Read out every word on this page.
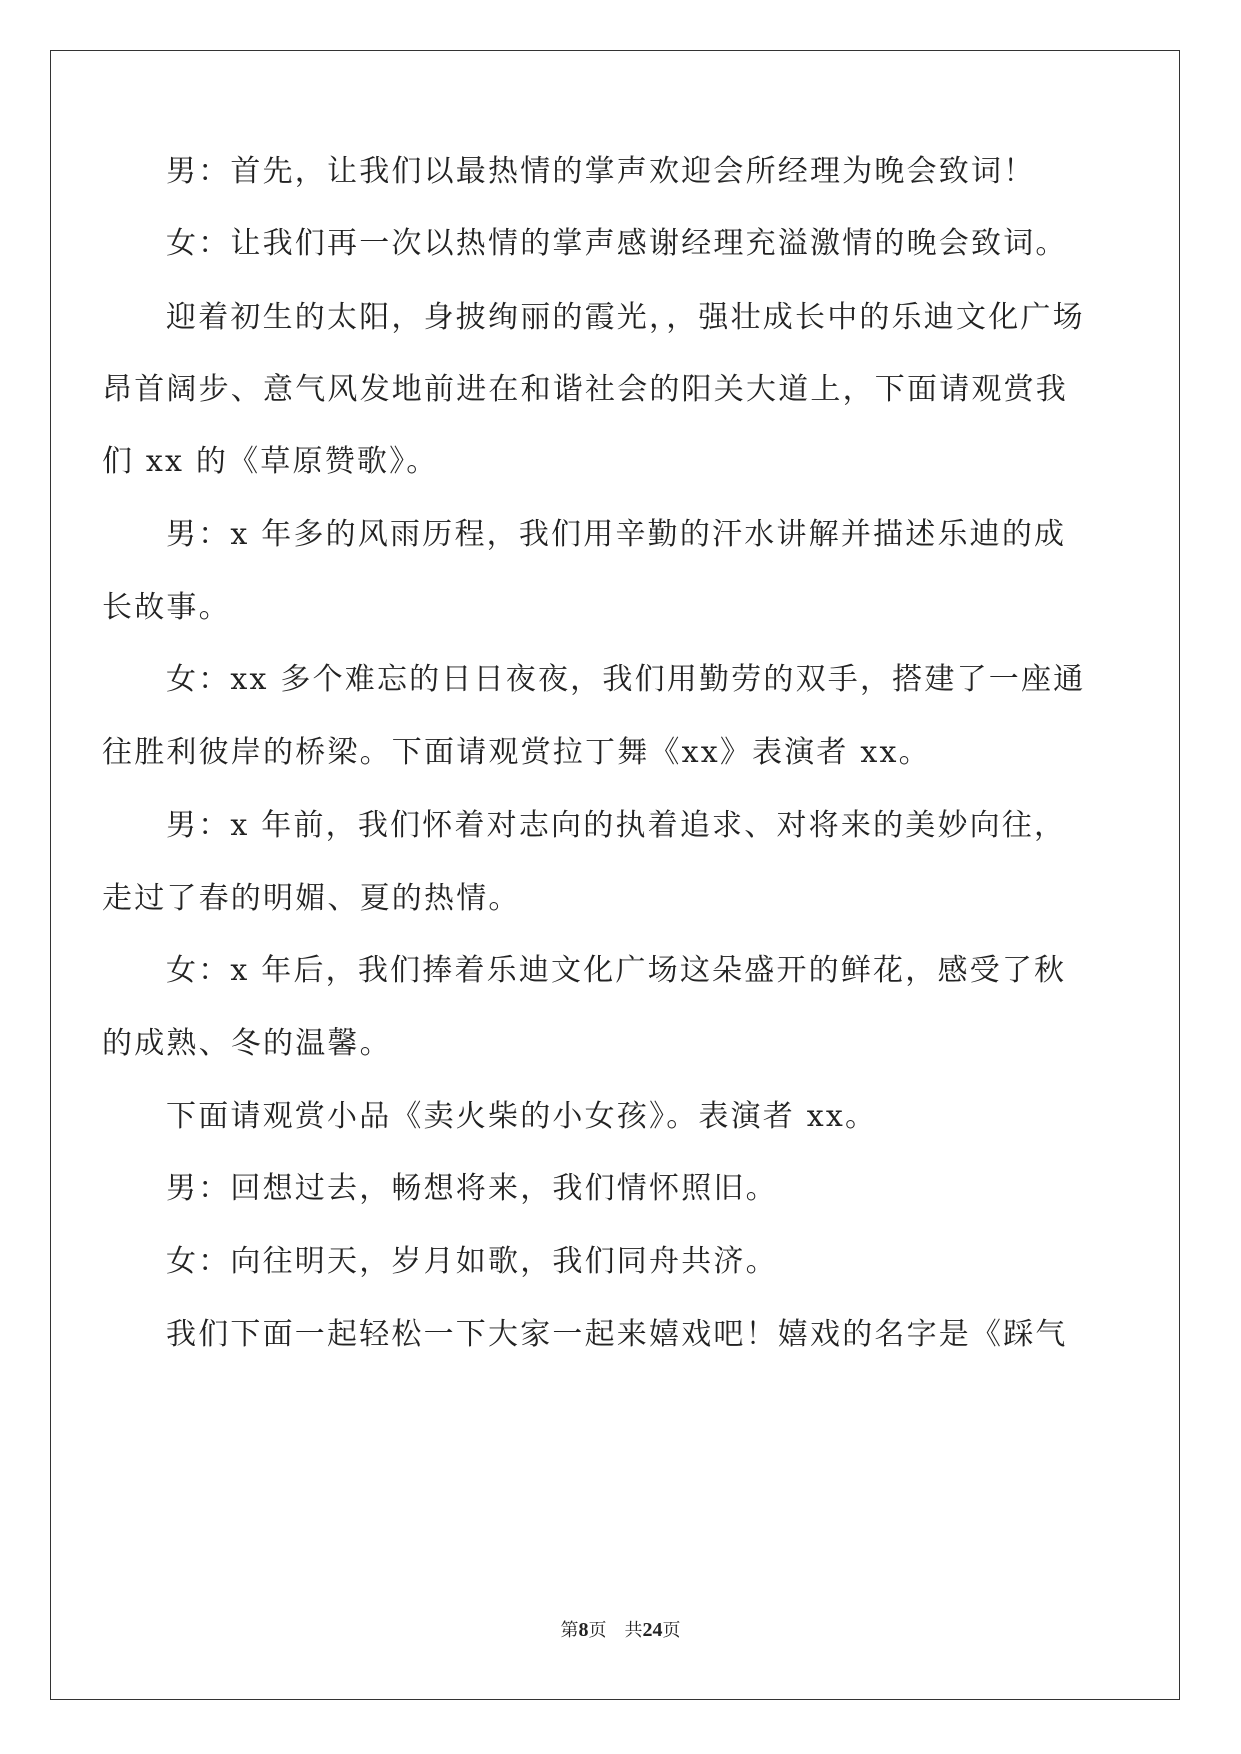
男：首先，让我们以最热情的掌声欢迎会所经理为晚会致词！
女：让我们再一次以热情的掌声感谢经理充溢激情的晚会致词。
迎着初生的太阳，身披绚丽的霞光，，强壮成长中的乐迪文化广场
昂首阔步、意气风发地前进在和谐社会的阳关大道上，下面请观赏我
们 xx 的《草原赞歌》。
男：x 年多的风雨历程，我们用辛勤的汗水讲解并描述乐迪的成
长故事。
女：xx 多个难忘的日日夜夜，我们用勤劳的双手，搭建了一座通
往胜利彼岸的桥梁。下面请观赏拉丁舞《xx》表演者 xx。
男：x 年前，我们怀着对志向的执着追求、对将来的美妙向往，
走过了春的明媚、夏的热情。
女：x 年后，我们捧着乐迪文化广场这朵盛开的鲜花，感受了秋
的成熟、冬的温馨。
下面请观赏小品《卖火柴的小女孩》。表演者 xx。
男：回想过去，畅想将来，我们情怀照旧。
女：向往明天，岁月如歌，我们同舟共济。
我们下面一起轻松一下大家一起来嬉戏吧！嬉戏的名字是《踩气
第8页 共24页
